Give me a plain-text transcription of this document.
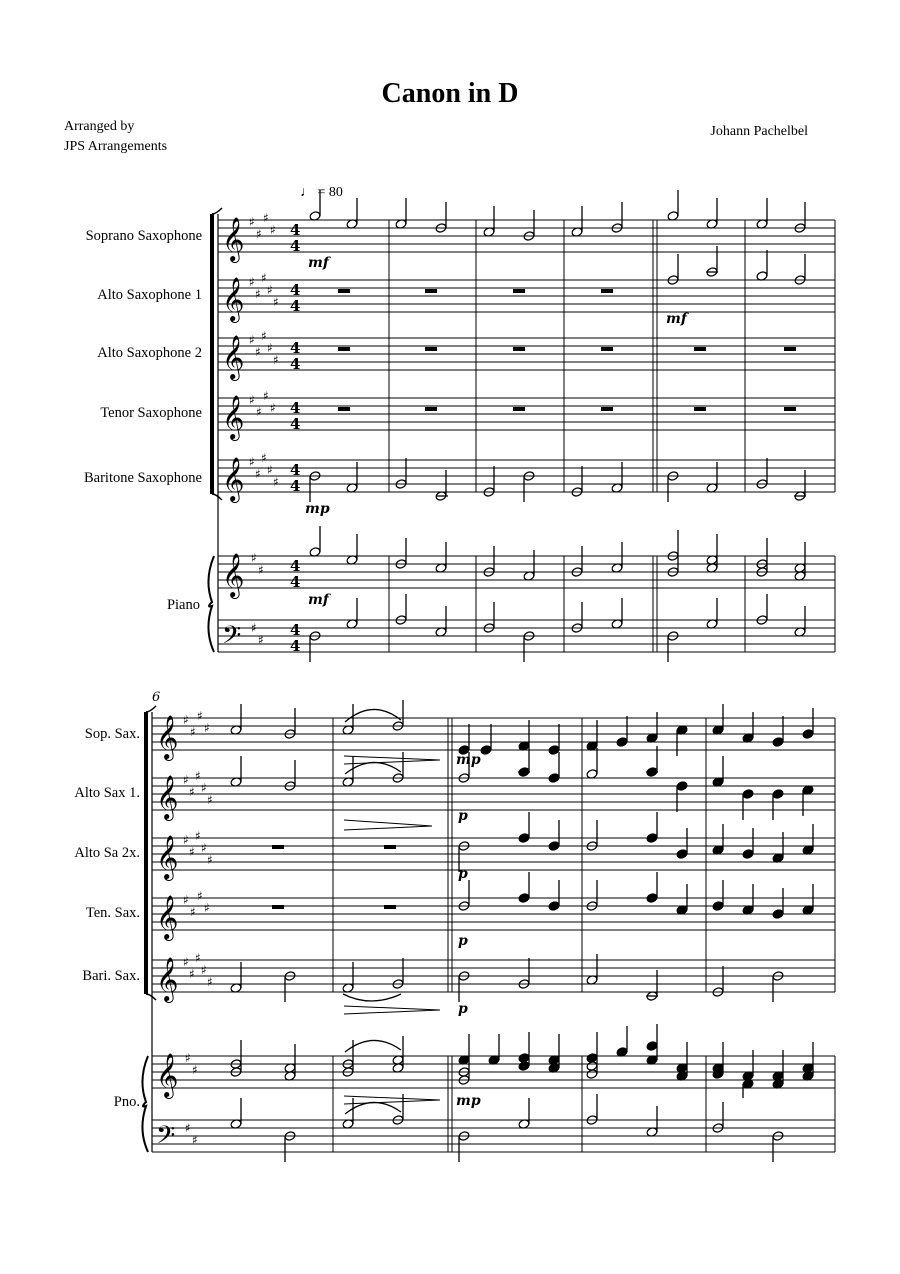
Canon in D
Arranged by
JPS Arrangements
Johann Pachelbel
♩ = 80
Soprano Saxophone
Alto Saxophone 1
Alto Saxophone 2
Tenor Saxophone
Baritone Saxophone
Piano
6
Sop. Sax.
Alto Sax 1.
Alto Sa 2x.
Ten. Sax.
Bari. Sax.
Pno.
𝄞
𝄞
𝄞
𝄞
𝄞
𝄞
𝄢
♯
♯
♯
♯
♯
♯
♯
♯
♯
♯
♯
♯
♯
♯
♯
♯
♯
♯
♯
♯
♯
♯
♯
♯
♯
♯
♯
4
4
4
4
4
4
4
4
4
4
4
4
4
4
mf
mf
mp
mf
𝄞
𝄞
𝄞
𝄞
𝄞
𝄞
𝄢
♯
♯
♯
♯
♯
♯
♯
♯
♯
♯
♯
♯
♯
♯
♯
♯
♯
♯
♯
♯
♯
♯
♯
♯
♯
♯
♯
mp
p
p
p
p
mp
